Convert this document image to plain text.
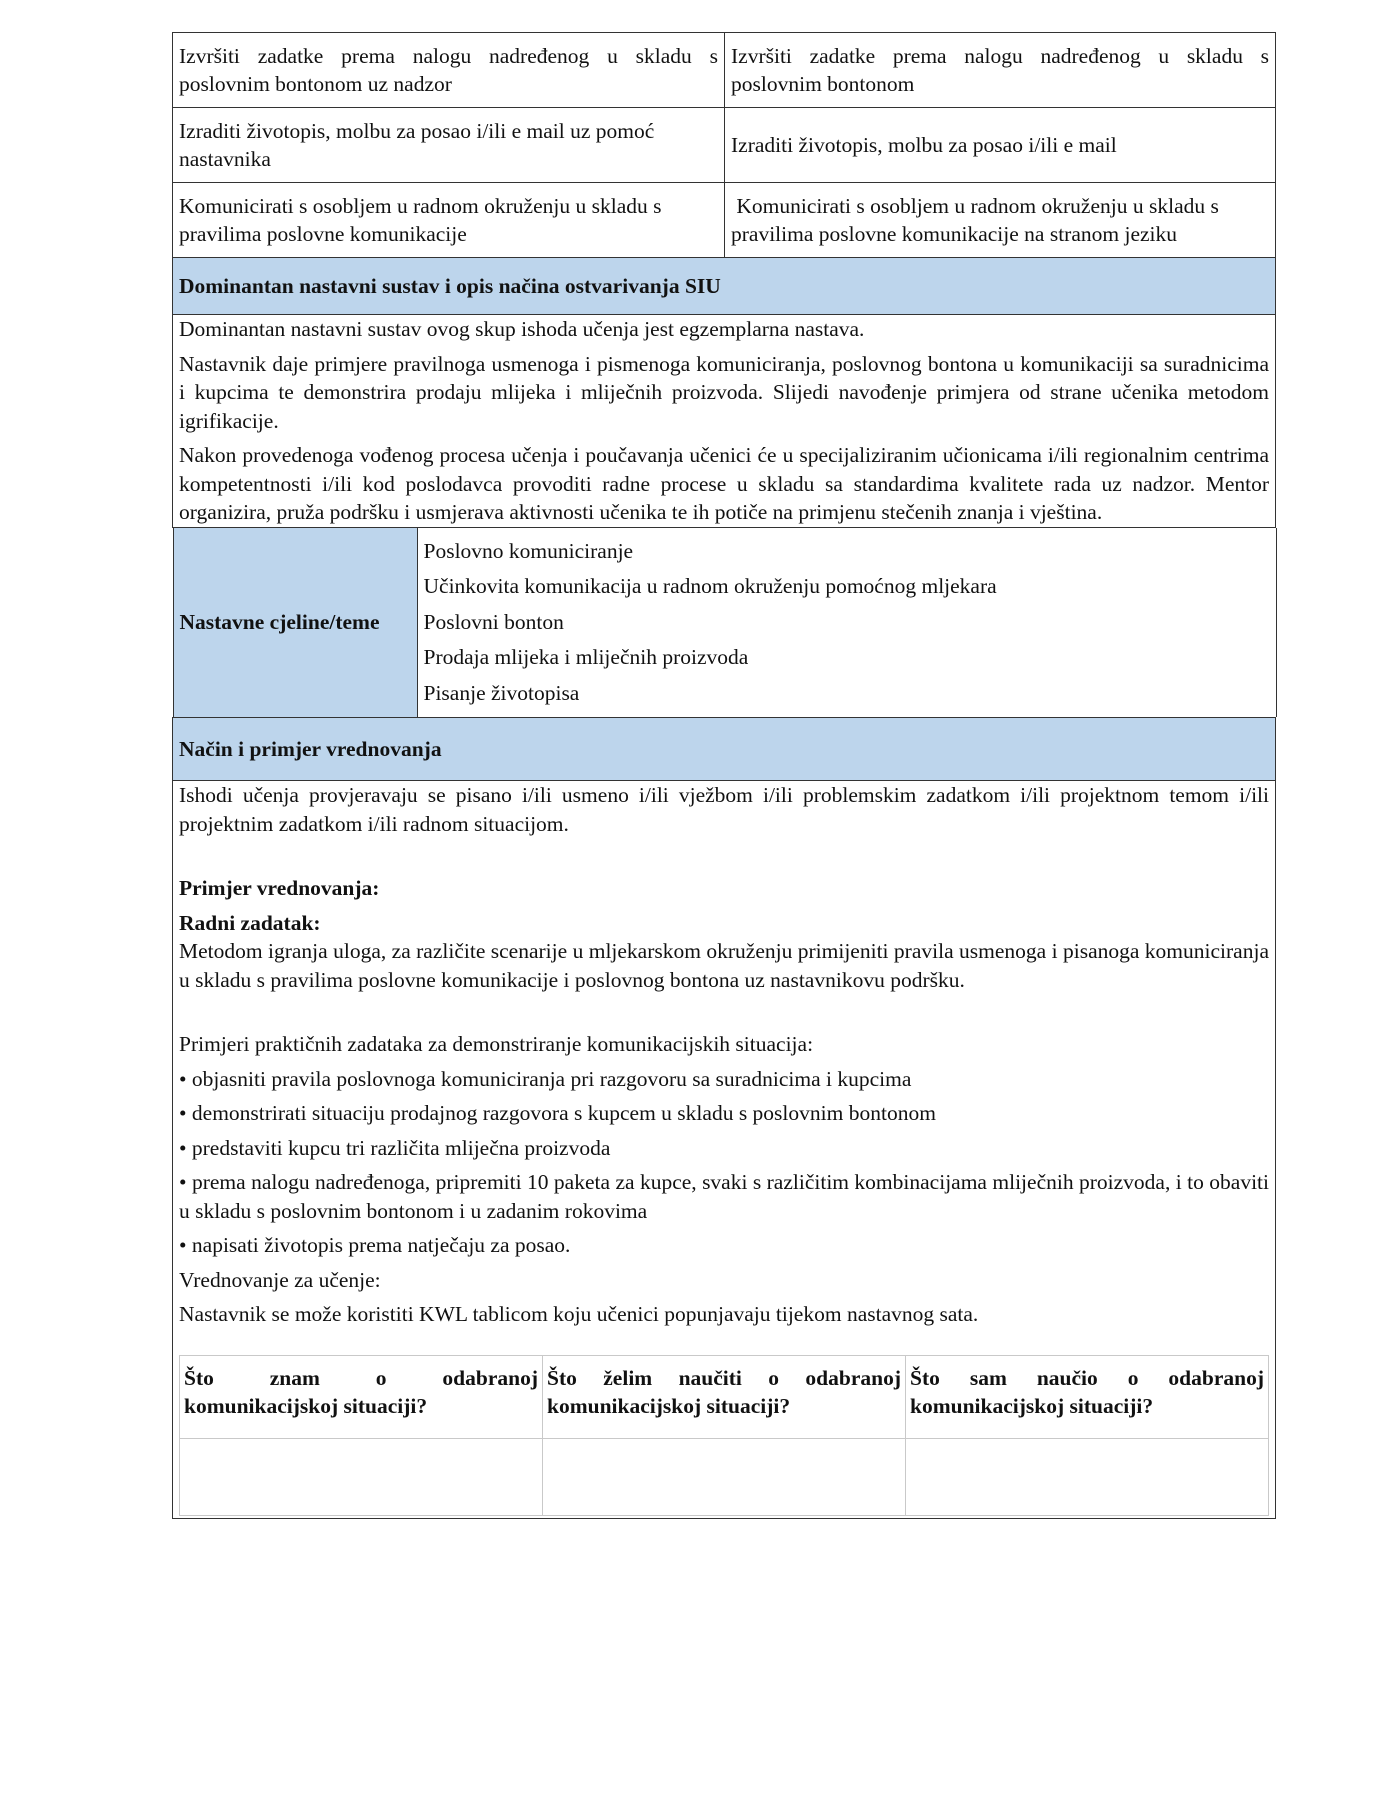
Izvršiti zadatke prema nalogu nadređenog u skladu s poslovnim bontonom uz nadzor	Izvršiti zadatke prema nalogu nadređenog u skladu s poslovnim bontonom
Izraditi životopis, molbu za posao i/ili e mail uz pomoć nastavnika	Izraditi životopis, molbu za posao i/ili e mail
Komunicirati s osobljem u radnom okruženju u skladu s pravilima poslovne komunikacije	Komunicirati s osobljem u radnom okruženju u skladu s pravilima poslovne komunikacije na stranom jeziku
Dominantan nastavni sustav i opis načina ostvarivanja SIU

Dominantan nastavni sustav ovog skup ishoda učenja jest egzemplarna nastava.

Nastavnik daje primjere pravilnoga usmenoga i pismenoga komuniciranja, poslovnog bontona u komunikaciji sa suradnicima i kupcima te demonstrira prodaju mlijeka i mliječnih proizvoda. Slijedi navođenje primjera od strane učenika metodom igrifikacije.

Nakon provedenoga vođenog procesa učenja i poučavanja učenici će u specijaliziranim učionicama i/ili regionalnim centrima kompetentnosti i/ili kod poslodavca provoditi radne procese u skladu sa standardima kvalitete rada uz nadzor. Mentor organizira, pruža podršku i usmjerava aktivnosti učenika te ih potiče na primjenu stečenih znanja i vještina.

Nastavne cjeline/teme	
Poslovno komuniciranje
Učinkovita komunikacija u radnom okruženju pomoćnog mljekara
Poslovni bonton
Prodaja mlijeka i mliječnih proizvoda
Pisanje životopisa

Način i primjer vrednovanja

Ishodi učenja provjeravaju se pisano i/ili usmeno i/ili vježbom i/ili problemskim zadatkom i/ili projektnom temom i/ili projektnim zadatkom i/ili radnom situacijom.

Primjer vrednovanja:

Radni zadatak:

Metodom igranja uloga, za različite scenarije u mljekarskom okruženju primijeniti pravila usmenoga i pisanoga komuniciranja u skladu s pravilima poslovne komunikacije i poslovnog bontona uz nastavnikovu podršku.

Primjeri praktičnih zadataka za demonstriranje komunikacijskih situacija:

• objasniti pravila poslovnoga komuniciranja pri razgovoru sa suradnicima i kupcima

• demonstrirati situaciju prodajnog razgovora s kupcem u skladu s poslovnim bontonom

• predstaviti kupcu tri različita mliječna proizvoda

• prema nalogu nadređenoga, pripremiti 10 paketa za kupce, svaki s različitim kombinacijama mliječnih proizvoda, i to obaviti u skladu s poslovnim bontonom i u zadanim rokovima

• napisati životopis prema natječaju za posao.

Vrednovanje za učenje:

Nastavnik se može koristiti KWL tablicom koju učenici popunjavaju tijekom nastavnog sata.

Što znam o odabranoj komunikacijskoj situaciji?	Što želim naučiti o odabranoj komunikacijskoj situaciji?	Što sam naučio o odabranoj komunikacijskoj situaciji?
